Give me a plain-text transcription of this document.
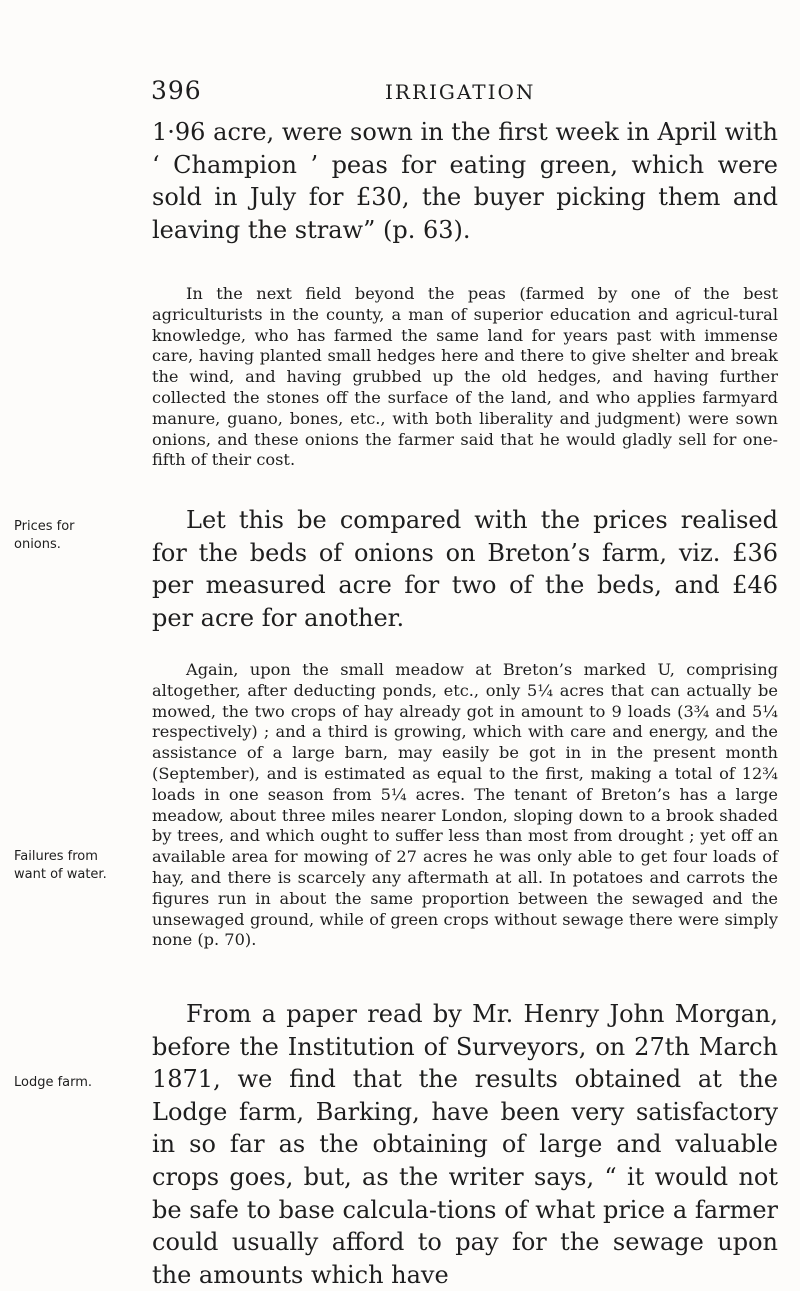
396	IRRIGATION

1·96 acre, were sown in the first week in April with ‘ Champion ’ peas for eating green, which were sold in July for £30, the buyer picking them and leaving the straw” (p. 63).

In the next field beyond the peas (farmed by one of the best agriculturists in the county, a man of superior education and agricul-tural knowledge, who has farmed the same land for years past with immense care, having planted small hedges here and there to give shelter and break the wind, and having grubbed up the old hedges, and having further collected the stones off the surface of the land, and who applies farmyard manure, guano, bones, etc., with both liberality and judgment) were sown onions, and these onions the farmer said that he would gladly sell for one-fifth of their cost.

Let this be compared with the prices realised for the beds of onions on Breton’s farm, viz. £36 per measured acre for two of the beds, and £46 per acre for another.

Again, upon the small meadow at Breton’s marked U, comprising altogether, after deducting ponds, etc., only 5¼ acres that can actually be mowed, the two crops of hay already got in amount to 9 loads (3¾ and 5¼ respectively) ; and a third is growing, which with care and energy, and the assistance of a large barn, may easily be got in in the present month (September), and is estimated as equal to the first, making a total of 12¾ loads in one season from 5¼ acres. The tenant of Breton’s has a large meadow, about three miles nearer London, sloping down to a brook shaded by trees, and which ought to suffer less than most from drought ; yet off an available area for mowing of 27 acres he was only able to get four loads of hay, and there is scarcely any aftermath at all. In potatoes and carrots the figures run in about the same proportion between the sewaged and the unsewaged ground, while of green crops without sewage there were simply none (p. 70).

From a paper read by Mr. Henry John Morgan, before the Institution of Surveyors, on 27th March 1871, we find that the results obtained at the Lodge farm, Barking, have been very satisfactory in so far as the obtaining of large and valuable crops goes, but, as the writer says, “ it would not be safe to base calcula-tions of what price a farmer could usually afford to pay for the sewage upon the amounts which have

Prices for onions.

Failures from want of water.

Lodge farm.
